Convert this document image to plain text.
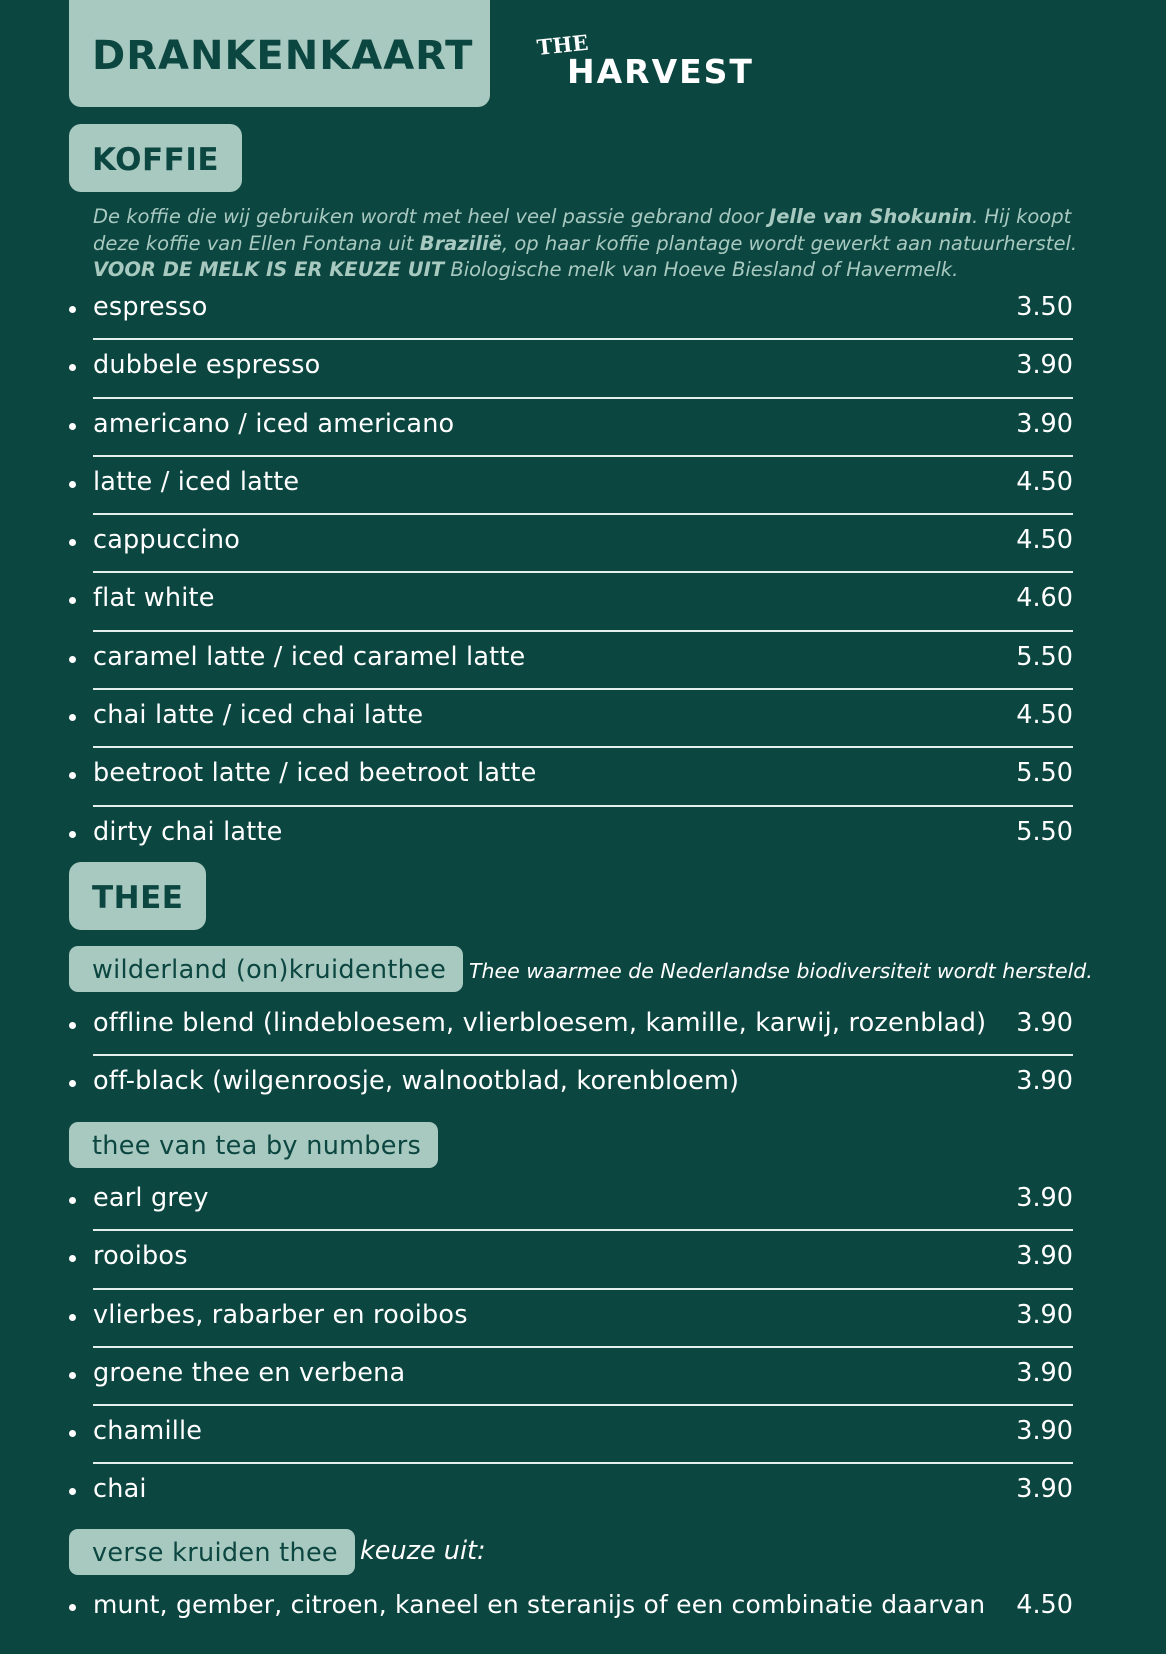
DRANKENKAART	THE
HARVEST
KOFFIE

De koffie die wij gebruiken wordt met heel veel passie gebrand door Jelle van Shokunin. Hij koopt deze koffie van Ellen Fontana uit Brazilië, op haar koffie plantage wordt gewerkt aan natuurherstel. VOOR DE MELK IS ER KEUZE UIT Biologische melk van Hoeve Biesland of Havermelk.

espresso	3.50
dubbele espresso	3.90
americano / iced americano	3.90
latte / iced latte	4.50
cappuccino	4.50
flat white	4.60
caramel latte / iced caramel latte	5.50
chai latte / iced chai latte	4.50
beetroot latte / iced beetroot latte	5.50
dirty chai latte	5.50
THEE
wilderland (on)kruidenthee	Thee waarmee de Nederlandse biodiversiteit wordt hersteld.
offline blend (lindebloesem, vlierbloesem, kamille, karwij, rozenblad) 3.90
off-black (wilgenroosje, walnootblad, korenbloem)	3.90
thee van tea by numbers
earl grey	3.90
rooibos	3.90
vlierbes, rabarber en rooibos	3.90
groene thee en verbena	3.90
chamille	3.90
chai	3.90
verse kruiden thee keuze uit:
munt, gember, citroen, kaneel en steranijs of een combinatie daarvan 4.50
